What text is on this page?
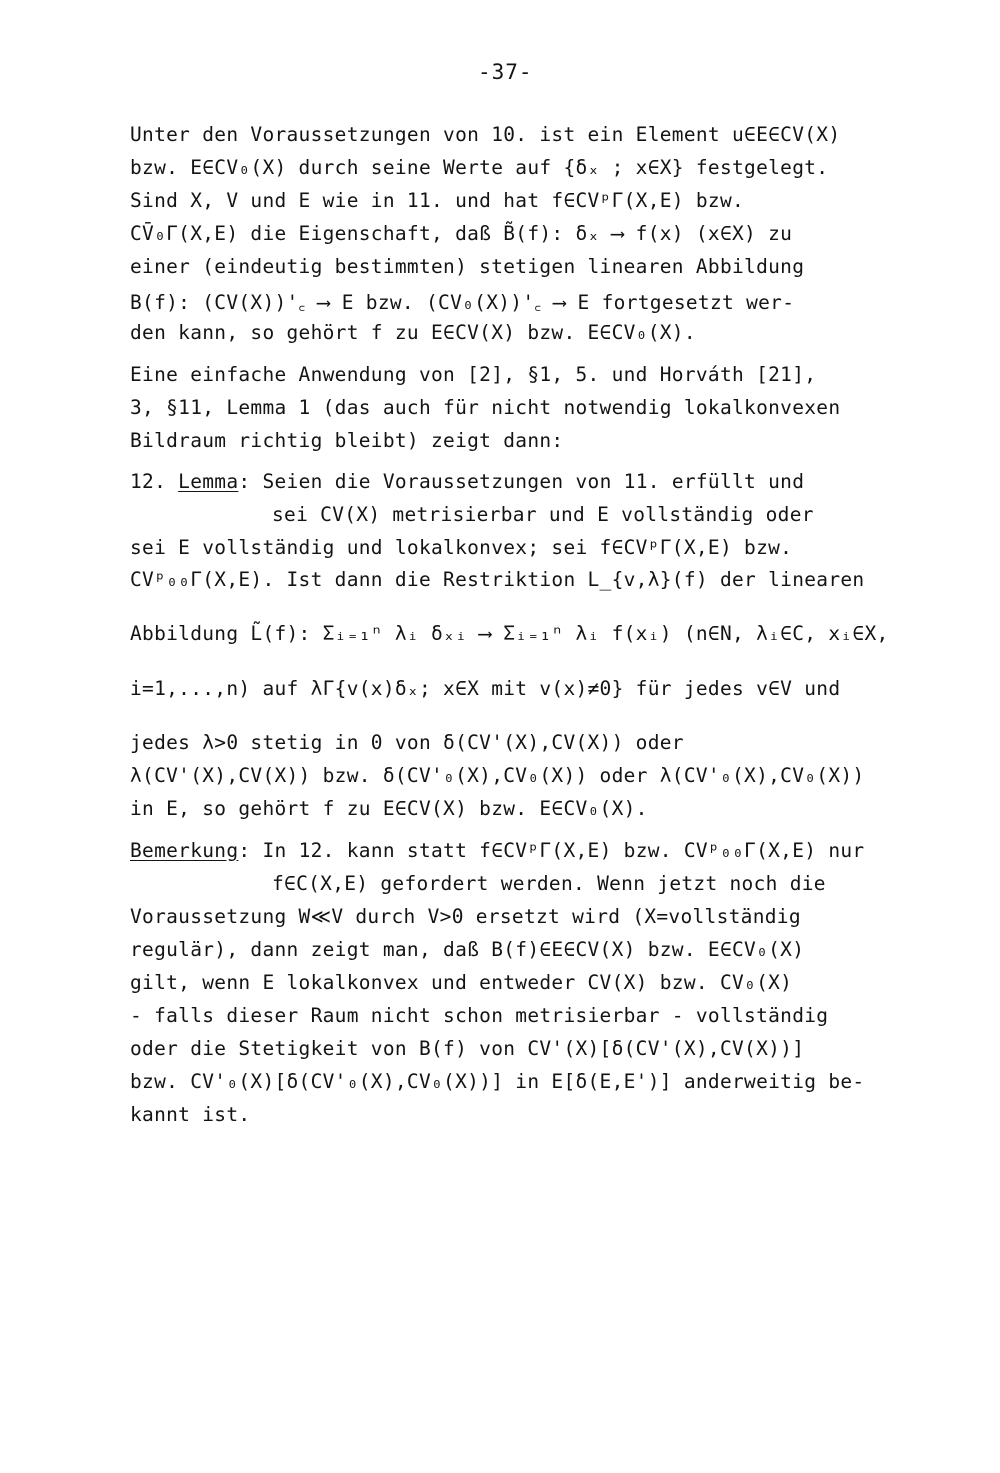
-37-
Unter den Voraussetzungen von 10. ist ein Element u∈E∈CV(X)
bzw. E∈CV₀(X) durch seine Werte auf {δₓ ; x∈X} festgelegt.
Sind X, V und E wie in 11. und hat f∈CVᵖΓ(X,E) bzw.
CV̄₀Γ(X,E) die Eigenschaft, daß B̃(f): δₓ ⟶ f(x) (x∈X) zu
einer (eindeutig bestimmten) stetigen linearen Abbildung
B(f): (CV(X))'꜀ ⟶ E bzw. (CV₀(X))'꜀ ⟶ E fortgesetzt wer-
den kann, so gehört f zu E∈CV(X) bzw. E∈CV₀(X).
Eine einfache Anwendung von [2], §1, 5. und Horváth [21],
3, §11, Lemma 1 (das auch für nicht notwendig lokalkonvexen
Bildraum richtig bleibt) zeigt dann:
12. Lemma: Seien die Voraussetzungen von 11. erfüllt und
sei CV(X) metrisierbar und E vollständig oder
sei E vollständig und lokalkonvex; sei f∈CVᵖΓ(X,E) bzw.
CVᵖ₀₀Γ(X,E). Ist dann die Restriktion L_{v,λ}(f) der linearen
Abbildung L̃(f): Σᵢ₌₁ⁿ λᵢ δₓᵢ ⟶ Σᵢ₌₁ⁿ λᵢ f(xᵢ) (n∈N, λᵢ∈C, xᵢ∈X,
i=1,...,n) auf λΓ{v(x)δₓ; x∈X mit v(x)≠0} für jedes v∈V und
jedes λ>0 stetig in 0 von δ(CV'(X),CV(X)) oder
λ(CV'(X),CV(X)) bzw. δ(CV'₀(X),CV₀(X)) oder λ(CV'₀(X),CV₀(X))
in E, so gehört f zu E∈CV(X) bzw. E∈CV₀(X).
Bemerkung: In 12. kann statt f∈CVᵖΓ(X,E) bzw. CVᵖ₀₀Γ(X,E) nur
f∈C(X,E) gefordert werden. Wenn jetzt noch die
Voraussetzung W≪V durch V>0 ersetzt wird (X=vollständig
regulär), dann zeigt man, daß B(f)∈E∈CV(X) bzw. E∈CV₀(X)
gilt, wenn E lokalkonvex und entweder CV(X) bzw. CV₀(X)
- falls dieser Raum nicht schon metrisierbar - vollständig
oder die Stetigkeit von B(f) von CV'(X)[δ(CV'(X),CV(X))]
bzw. CV'₀(X)[δ(CV'₀(X),CV₀(X))] in E[δ(E,E')] anderweitig be-
kannt ist.
